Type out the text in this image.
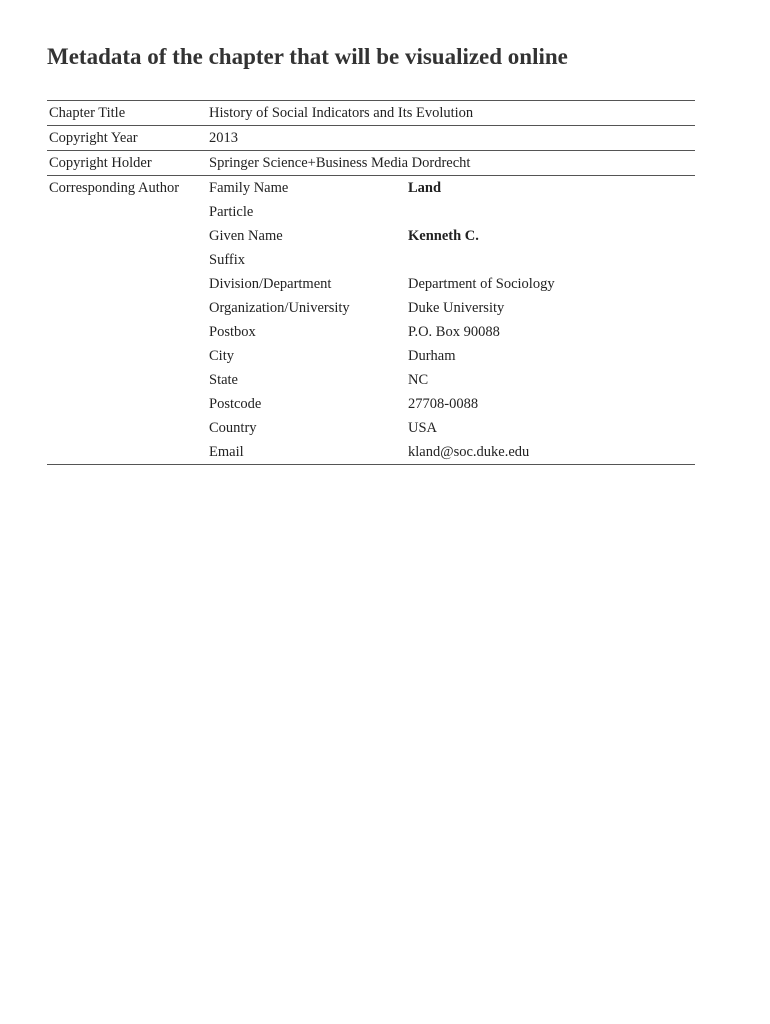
Metadata of the chapter that will be visualized online
Chapter Title	History of Social Indicators and Its Evolution
Copyright Year	2013
Copyright Holder	Springer Science+Business Media Dordrecht
Corresponding Author	Family Name	Land
Particle
Given Name	Kenneth C.
Suffix
Division/Department	Department of Sociology
Organization/University	Duke University
Postbox	P.O. Box 90088
City	Durham
State	NC
Postcode	27708-0088
Country	USA
Email	kland@soc.duke.edu
